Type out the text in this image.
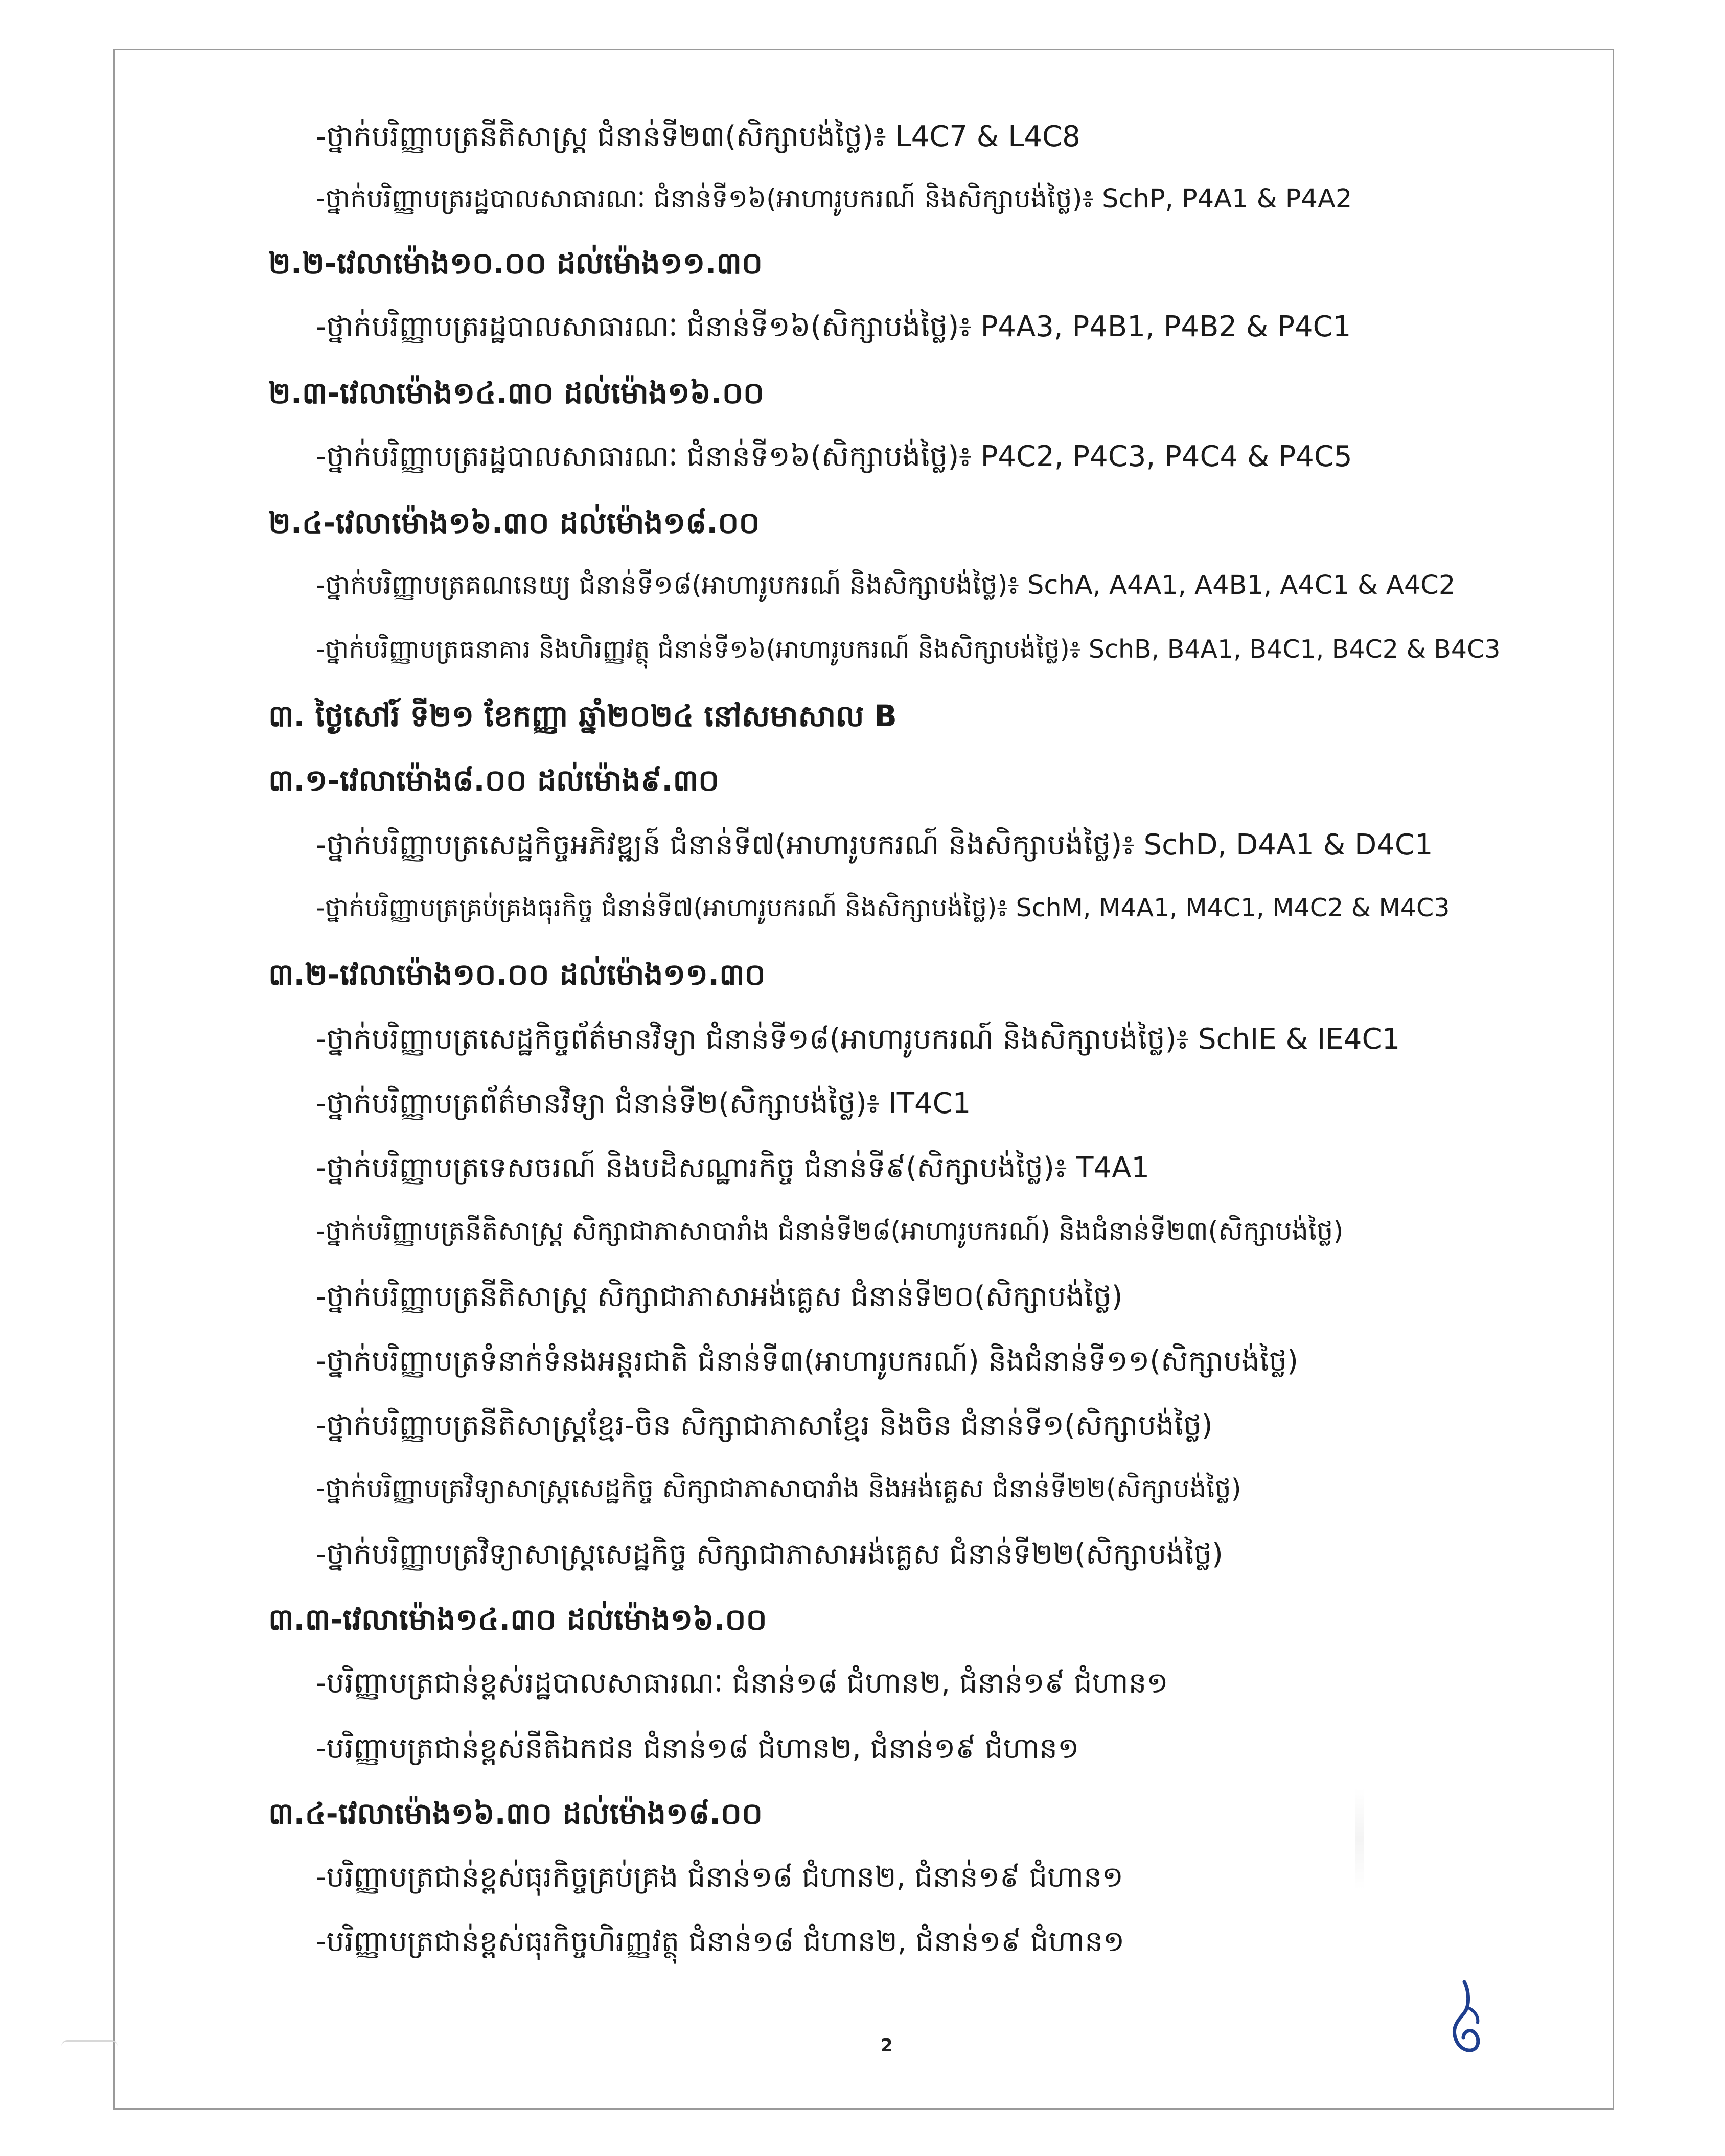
-ថ្នាក់បរិញ្ញាបត្រនីតិសាស្ត្រ ជំនាន់ទី២៣(សិក្សាបង់ថ្លៃ)៖ L4C7 & L4C8
-ថ្នាក់បរិញ្ញាបត្ររដ្ឋបាលសាធារណៈ ជំនាន់ទី១៦(អាហារូបករណ៍ និងសិក្សាបង់ថ្លៃ)៖ SchP, P4A1 & P4A2
២.២-វេលាម៉ោង១០.០០ ដល់ម៉ោង១១.៣០
-ថ្នាក់បរិញ្ញាបត្ររដ្ឋបាលសាធារណៈ ជំនាន់ទី១៦(សិក្សាបង់ថ្លៃ)៖ P4A3, P4B1, P4B2 & P4C1
២.៣-វេលាម៉ោង១៤.៣០ ដល់ម៉ោង១៦.០០
-ថ្នាក់បរិញ្ញាបត្ររដ្ឋបាលសាធារណៈ ជំនាន់ទី១៦(សិក្សាបង់ថ្លៃ)៖ P4C2, P4C3, P4C4 & P4C5
២.៤-វេលាម៉ោង១៦.៣០ ដល់ម៉ោង១៨.០០
-ថ្នាក់បរិញ្ញាបត្រគណនេយ្យ ជំនាន់ទី១៨(អាហារូបករណ៍ និងសិក្សាបង់ថ្លៃ)៖ SchA, A4A1, A4B1, A4C1 & A4C2
-ថ្នាក់បរិញ្ញាបត្រធនាគារ និងហិរញ្ញវត្ថុ ជំនាន់ទី១៦(អាហារូបករណ៍ និងសិក្សាបង់ថ្លៃ)៖ SchB, B4A1, B4C1, B4C2 & B4C3
៣. ថ្ងៃសៅរ៍ ទី២១ ខែកញ្ញា ឆ្នាំ២០២៤ នៅសមាសាល B
៣.១-វេលាម៉ោង៨.០០ ដល់ម៉ោង៩.៣០
-ថ្នាក់បរិញ្ញាបត្រសេដ្ឋកិច្ចអភិវឌ្ឍន៍ ជំនាន់ទី៧(អាហារូបករណ៍ និងសិក្សាបង់ថ្លៃ)៖ SchD, D4A1 & D4C1
-ថ្នាក់បរិញ្ញាបត្រគ្រប់គ្រងធុរកិច្ច ជំនាន់ទី៧(អាហារូបករណ៍ និងសិក្សាបង់ថ្លៃ)៖ SchM, M4A1, M4C1, M4C2 & M4C3
៣.២-វេលាម៉ោង១០.០០ ដល់ម៉ោង១១.៣០
-ថ្នាក់បរិញ្ញាបត្រសេដ្ឋកិច្ចព័ត៌មានវិទ្យា ជំនាន់ទី១៨(អាហារូបករណ៍ និងសិក្សាបង់ថ្លៃ)៖ SchIE & IE4C1
-ថ្នាក់បរិញ្ញាបត្រព័ត៌មានវិទ្យា ជំនាន់ទី២(សិក្សាបង់ថ្លៃ)៖ IT4C1
-ថ្នាក់បរិញ្ញាបត្រទេសចរណ៍ និងបដិសណ្ឋារកិច្ច ជំនាន់ទី៩(សិក្សាបង់ថ្លៃ)៖ T4A1
-ថ្នាក់បរិញ្ញាបត្រនីតិសាស្ត្រ សិក្សាជាភាសាបារាំង ជំនាន់ទី២៨(អាហារូបករណ៍) និងជំនាន់ទី២៣(សិក្សាបង់ថ្លៃ)
-ថ្នាក់បរិញ្ញាបត្រនីតិសាស្ត្រ សិក្សាជាភាសាអង់គ្លេស ជំនាន់ទី២០(សិក្សាបង់ថ្លៃ)
-ថ្នាក់បរិញ្ញាបត្រទំនាក់ទំនងអន្តរជាតិ ជំនាន់ទី៣(អាហារូបករណ៍) និងជំនាន់ទី១១(សិក្សាបង់ថ្លៃ)
-ថ្នាក់បរិញ្ញាបត្រនីតិសាស្ត្រខ្មែរ-ចិន សិក្សាជាភាសាខ្មែរ និងចិន ជំនាន់ទី១(សិក្សាបង់ថ្លៃ)
-ថ្នាក់បរិញ្ញាបត្រវិទ្យាសាស្ត្រសេដ្ឋកិច្ច សិក្សាជាភាសាបារាំង និងអង់គ្លេស ជំនាន់ទី២២(សិក្សាបង់ថ្លៃ)
-ថ្នាក់បរិញ្ញាបត្រវិទ្យាសាស្ត្រសេដ្ឋកិច្ច សិក្សាជាភាសាអង់គ្លេស ជំនាន់ទី២២(សិក្សាបង់ថ្លៃ)
៣.៣-វេលាម៉ោង១៤.៣០ ដល់ម៉ោង១៦.០០
-បរិញ្ញាបត្រជាន់ខ្ពស់រដ្ឋបាលសាធារណៈ ជំនាន់១៨ ជំហាន២, ជំនាន់១៩ ជំហាន១
-បរិញ្ញាបត្រជាន់ខ្ពស់នីតិឯកជន ជំនាន់១៨ ជំហាន២, ជំនាន់១៩ ជំហាន១
៣.៤-វេលាម៉ោង១៦.៣០ ដល់ម៉ោង១៨.០០
-បរិញ្ញាបត្រជាន់ខ្ពស់ធុរកិច្ចគ្រប់គ្រង ជំនាន់១៨ ជំហាន២, ជំនាន់១៩ ជំហាន១
-បរិញ្ញាបត្រជាន់ខ្ពស់ធុរកិច្ចហិរញ្ញវត្ថុ ជំនាន់១៨ ជំហាន២, ជំនាន់១៩ ជំហាន១
2
